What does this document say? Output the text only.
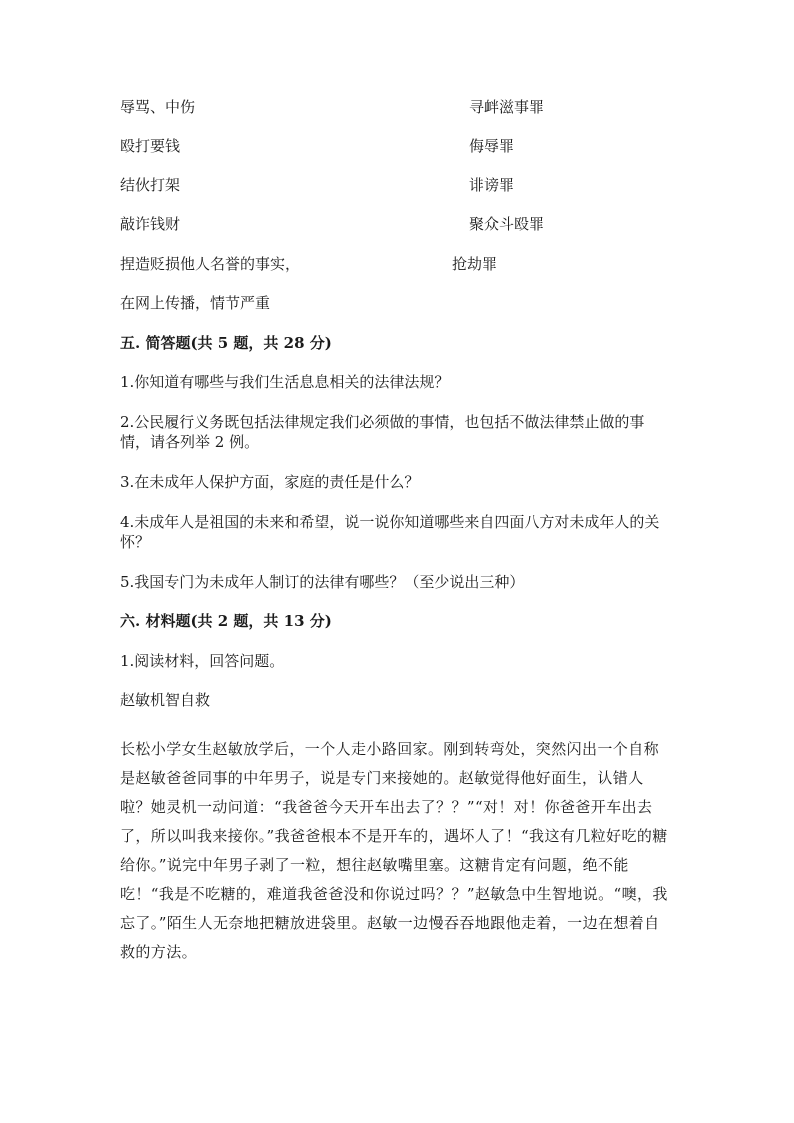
辱骂、中伤	寻衅滋事罪
殴打要钱	侮辱罪
结伙打架	诽谤罪
敲诈钱财	聚众斗殴罪
捏造贬损他人名誉的事实，	抢劫罪
在网上传播，情节严重
五. 简答题(共 5 题，共 28 分)
1.你知道有哪些与我们生活息息相关的法律法规？
2.公民履行义务既包括法律规定我们必须做的事情，也包括不做法律禁止做的事情，请各列举 2 例。
3.在未成年人保护方面，家庭的责任是什么？
4.未成年人是祖国的未来和希望，说一说你知道哪些来自四面八方对未成年人的关怀？
5.我国专门为未成年人制订的法律有哪些？（至少说出三种）
六. 材料题(共 2 题，共 13 分)
1.阅读材料，回答问题。
赵敏机智自救
长松小学女生赵敏放学后，一个人走小路回家。刚到转弯处，突然闪出一个自称是赵敏爸爸同事的中年男子，说是专门来接她的。赵敏觉得他好面生，认错人啦？她灵机一动问道：“我爸爸今天开车出去了？？”“对！对！你爸爸开车出去了，所以叫我来接你。”我爸爸根本不是开车的，遇坏人了！“我这有几粒好吃的糖给你。”说完中年男子剥了一粒，想往赵敏嘴里塞。这糖肯定有问题，绝不能吃！“我是不吃糖的，难道我爸爸没和你说过吗？？”赵敏急中生智地说。“噢，我忘了。”陌生人无奈地把糖放进袋里。赵敏一边慢吞吞地跟他走着，一边在想着自救的方法。
